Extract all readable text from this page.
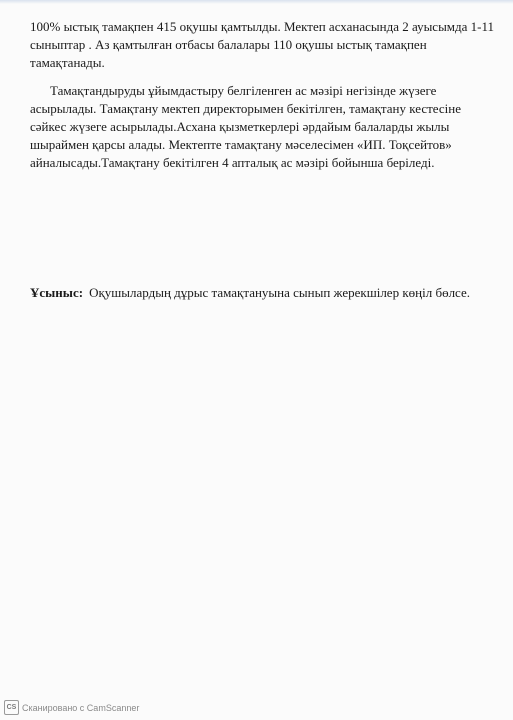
100% ыстық тамақпен 415 оқушы қамтылды. Мектеп асханасында 2 ауысымда 1-11 сыныптар . Аз қамтылған отбасы балалары 110 оқушы ыстық тамақпен тамақтанады.

Тамақтандыруды ұйымдастыру белгіленген ас мәзірі негізінде жүзеге асырылады. Тамақтану мектеп директорымен бекітілген, тамақтану кестесіне сәйкес жүзеге асырылады.Асхана қызметкерлері әрдайым балаларды жылы шыраймен қарсы алады. Мектепте тамақтану мәселесімен «ИП. Тоқсейтов» айналысады.Тамақтану бекітілген 4 апталық ас мәзірі бойынша беріледі.

Ұсыныс: Оқушылардың дұрыс тамақтануына сынып жерекшілер көңіл бөлсе.
CS Сканировано с CamScanner
